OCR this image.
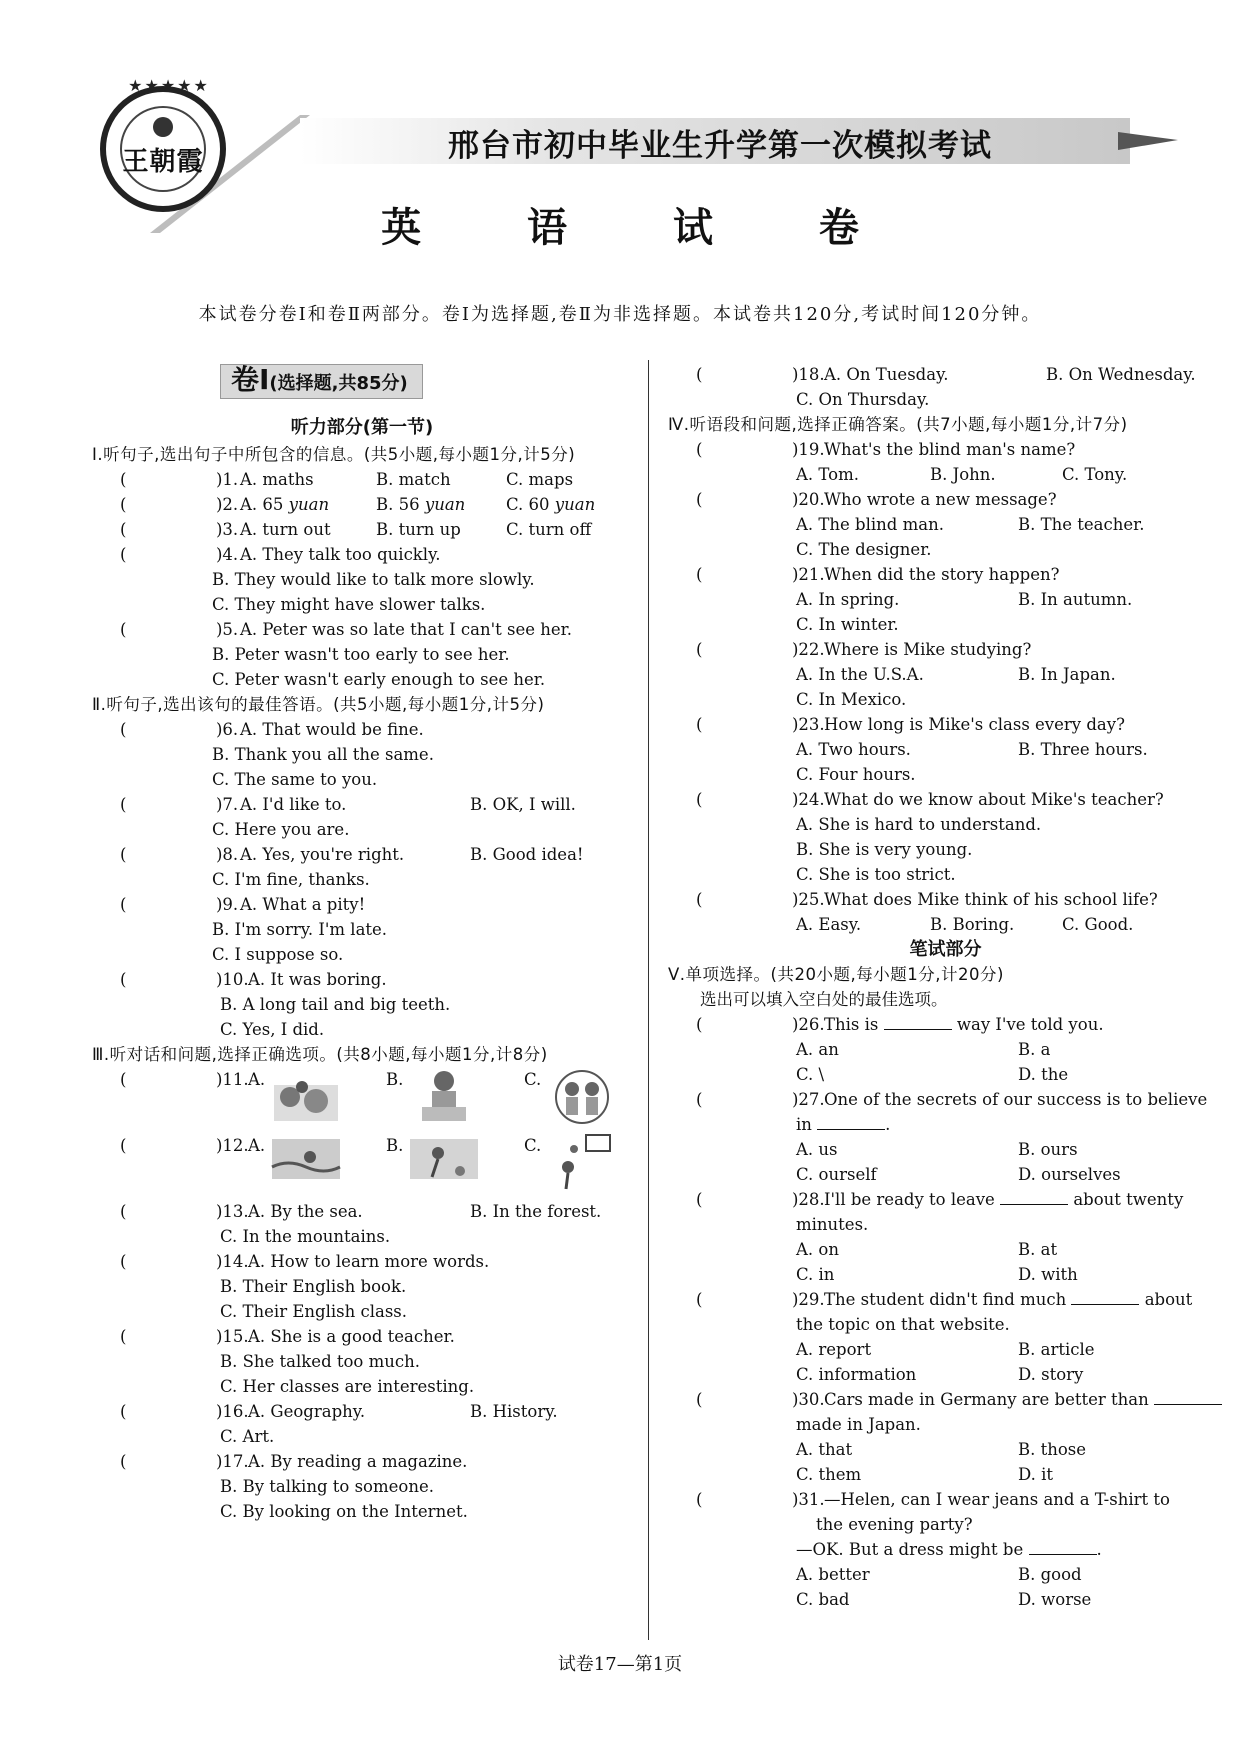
★★★★★
王朝霞	邢台市初中毕业生升学第一次模拟考试
英 语 试 卷
本试卷分卷Ⅰ和卷Ⅱ两部分。卷Ⅰ为选择题,卷Ⅱ为非选择题。本试卷共120分,考试时间120分钟。
卷Ⅰ(选择题,共85分)
听力部分(第一节)
Ⅰ.听句子,选出句子中所包含的信息。(共5小题,每小题1分,计5分)
(	)1. A. maths	B. match	C. maps
(	)2. A. 65 yuan	B. 56 yuan C. 60 yuan
(	)3. A. turn out	B. turn up	C. turn off
(	)4. A. They talk too quickly.
B. They would like to talk more slowly.
C. They might have slower talks.
(	)5. A. Peter was so late that I can't see her.
B. Peter wasn't too early to see her.
C. Peter wasn't early enough to see her.
Ⅱ.听句子,选出该句的最佳答语。(共5小题,每小题1分,计5分)
(	)6. A. That would be fine.
B. Thank you all the same.
C. The same to you.
(	)7. A. I'd like to.	B. OK, I will.
C. Here you are.
(	)8. A. Yes, you're right.	B. Good idea!
C. I'm fine, thanks.
(	)9. A. What a pity!
B. I'm sorry. I'm late.
C. I suppose so.
(	)10. A. It was boring.
B. A long tail and big teeth.
C. Yes, I did.
Ⅲ.听对话和问题,选择正确选项。(共8小题,每小题1分,计8分)
(	)11. A.	B.	C.
(	)12. A.	B.	C.
(	)13. A. By the sea.	B. In the forest.
C. In the mountains.
(	)14. A. How to learn more words.
B. Their English book.
C. Their English class.
(	)15. A. She is a good teacher.
B. She talked too much.
C. Her classes are interesting.
(	)16. A. Geography.	B. History.
C. Art.
(	)17. A. By reading a magazine.
B. By talking to someone.
C. By looking on the Internet.
(	)18. A. On Tuesday.	B. On Wednesday.
C. On Thursday.
Ⅳ.听语段和问题,选择正确答案。(共7小题,每小题1分,计7分)
(	)19. What's the blind man's name?
A. Tom.	B. John.	C. Tony.
(	)20. Who wrote a new message?
A. The blind man.	B. The teacher.
C. The designer.
(	)21. When did the story happen?
A. In spring.	B. In autumn.
C. In winter.
(	)22. Where is Mike studying?
A. In the U.S.A.	B. In Japan.
C. In Mexico.
(	)23. How long is Mike's class every day?
A. Two hours.	B. Three hours.
C. Four hours.
(	)24. What do we know about Mike's teacher?
A. She is hard to understand.
B. She is very young.
C. She is too strict.
(	)25. What does Mike think of his school life?
A. Easy.	B. Boring.	C. Good.
笔试部分
Ⅴ.单项选择。(共20小题,每小题1分,计20分)
选出可以填入空白处的最佳选项。
(	)26. This is	way I've told you.
A. an	B. a
C. \	D. the
(	)27. One of the secrets of our success is to believe
in	.
A. us	B. ours
C. ourself	D. ourselves
(	)28. I'll be ready to leave	about twenty
minutes.
A. on	B. at
C. in	D. with
(	)29. The student didn't find much	about
the topic on that website.
A. report	B. article
C. information	D. story
(	)30. Cars made in Germany are better than
made in Japan.
A. that	B. those
C. them	D. it
(	)31. —Helen, can I wear jeans and a T-shirt to
the evening party?
—OK. But a dress might be	.
A. better	B. good
C. bad	D. worse
试卷17—第1页
